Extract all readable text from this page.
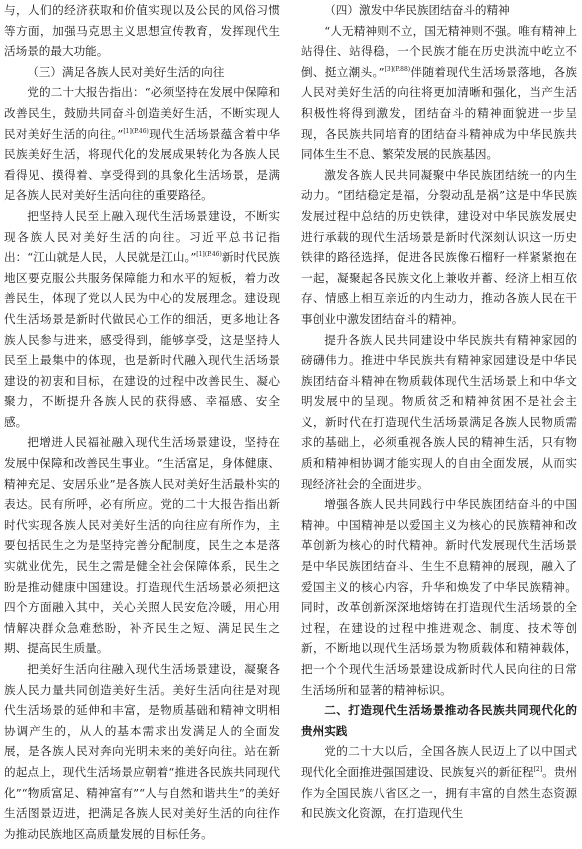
与，人们的经济获取和价值实现以及公民的风俗习惯等方面，加强马克思主义思想宣传教育，发挥现代生活场景的最大功能。

（三）满足各族人民对美好生活的向往

党的二十大报告指出：“必须坚持在发展中保障和改善民生，鼓励共同奋斗创造美好生活，不断实现人民对美好生活的向往。”$^{[1](P.46)}$现代生活场景蕴含着中华民族美好生活，将现代化的发展成果转化为各族人民看得见、摸得着、享受得到的具象化生活场景，是满足各族人民对美好生活向往的重要路径。

把坚持人民至上融入现代生活场景建设，不断实现各族人民对美好生活的向往。习近平总书记指出：“江山就是人民，人民就是江山。”$^{[1](P.46)}$新时代民族地区要克服公共服务保障能力和水平的短板，着力改善民生，体现了党以人民为中心的发展理念。建设现代生活场景是新时代做民心工作的细活，更多地让各族人民参与进来，感受得到，能够享受，这是坚持人民至上最集中的体现，也是新时代融入现代生活场景建设的初衷和目标，在建设的过程中改善民生、凝心聚力，不断提升各族人民的获得感、幸福感、安全感。

把增进人民福祉融入现代生活场景建设，坚持在发展中保障和改善民生事业。“生活富足，身体健康、精神充足、安居乐业”是各族人民对美好生活最朴实的表达。民有所呼，必有所应。党的二十大报告指出新时代实现各族人民对美好生活的向往应有所作为，主要包括民生之为是坚持完善分配制度，民生之本是落实就业优先，民生之需是健全社会保障体系，民生之盼是推动健康中国建设。打造现代生活场景必须把这四个方面融入其中，关心关照人民安危冷暖，用心用情解决群众急难愁盼，补齐民生之短、满足民生之期、提高民生质量。

把美好生活向往融入现代生活场景建设，凝聚各族人民力量共同创造美好生活。美好生活向往是对现代生活场景的延伸和丰富，是物质基础和精神文明相协调产生的，从人的基本需求出发满足人的全面发展，是各族人民对奔向光明未来的美好向往。站在新的起点上，现代生活场景应朝着“推进各民族共同现代化”“物质富足、精神富有”“人与自然和谐共生”的美好生活图景迈进，把满足各族人民对美好生活的向往作为推动民族地区高质量发展的目标任务。

（四）激发中华民族团结奋斗的精神

“人无精神则不立，国无精神则不强。唯有精神上站得住、站得稳，一个民族才能在历史洪流中屹立不倒、挺立潮头。”$^{[3](P.88)}$伴随着现代生活场景落地，各族人民对美好生活的向往将更加清晰和强化，当产生活积极性将得到激发，团结奋斗的精神面貌进一步呈现，各民族共同培育的团结奋斗精神成为中华民族共同体生生不息、繁荣发展的民族基因。

激发各族人民共同凝聚中华民族团结统一的内生动力。“团结稳定是福，分裂动乱是祸”这是中华民族发展过程中总结的历史铁律，建设对中华民族发展史进行承载的现代生活场景是新时代深刻认识这一历史铁律的路径选择，促进各民族像石榴籽一样紧紧抱在一起，凝聚起各民族文化上兼收并蓄、经济上相互依存、情感上相互亲近的内生动力，推动各族人民在干事创业中激发团结奋斗的精神。

提升各族人民共同建设中华民族共有精神家园的磅礴伟力。推进中华民族共有精神家园建设是中华民族团结奋斗精神在物质载体现代生活场景上和中华文明发展中的呈现。物质贫乏和精神贫困不是社会主义，新时代在打造现代生活场景满足各族人民物质需求的基础上，必须重视各族人民的精神生活，只有物质和精神相协调才能实现人的自由全面发展，从而实现经济社会的全面进步。

增强各族人民共同践行中华民族团结奋斗的中国精神。中国精神是以爱国主义为核心的民族精神和改革创新为核心的时代精神。新时代发展现代生活场景是中华民族团结奋斗、生生不息精神的展现，融入了爱国主义的核心内容，升华和焕发了中华民族精神。同时，改革创新深深地熔铸在打造现代生活场景的全过程，在建设的过程中推进观念、制度、技术等创新，不断地以现代生活场景为物质载体和精神载体，把一个个现代生活场景建设成新时代人民向往的日常生活场所和显著的精神标识。

二、打造现代生活场景推动各民族共同现代化的贵州实践

党的二十大以后，全国各族人民迈上了以中国式现代化全面推进强国建设、民族复兴的新征程[2]。贵州作为全国民族八省区之一，拥有丰富的自然生态资源和民族文化资源，在打造现代生
